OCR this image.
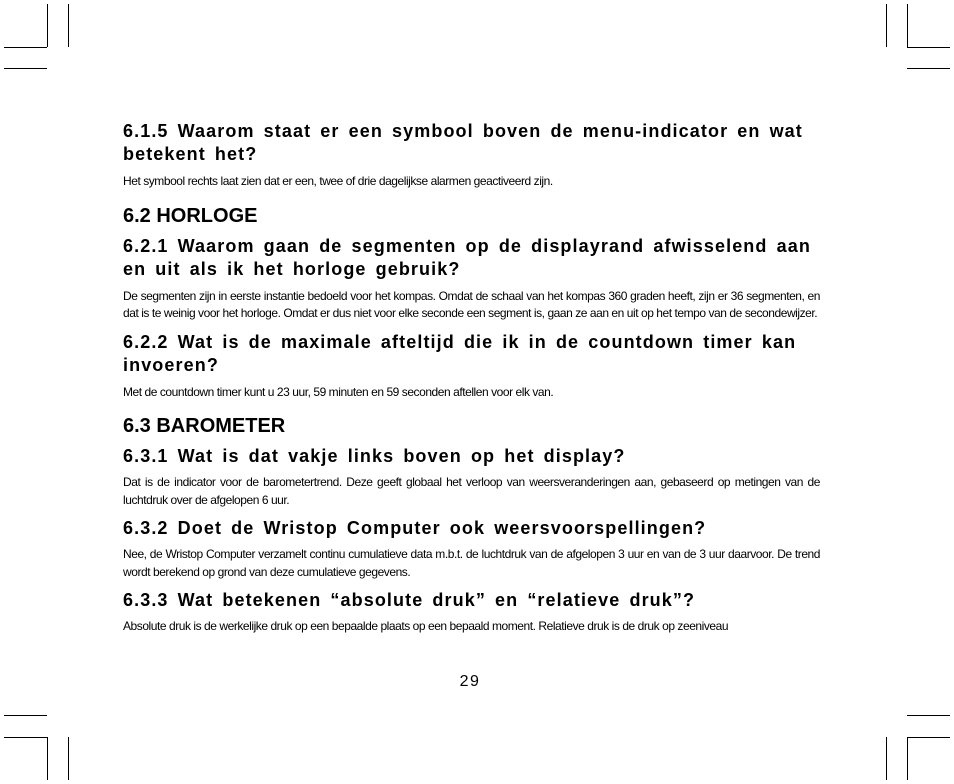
6.1.5 Waarom staat er een symbool boven de menu-indicator en wat betekent het?

Het symbool rechts laat zien dat er een, twee of drie dagelijkse alarmen geactiveerd zijn.

6.2 HORLOGE
6.2.1 Waarom gaan de segmenten op de displayrand afwisselend aan en uit als ik het horloge gebruik?

De segmenten zijn in eerste instantie bedoeld voor het kompas. Omdat de schaal van het kompas 360 graden heeft, zijn er 36 segmenten, en dat is te weinig voor het horloge. Omdat er dus niet voor elke seconde een segment is, gaan ze aan en uit op het tempo van de secondewijzer.

6.2.2 Wat is de maximale afteltijd die ik in de countdown timer kan invoeren?

Met de countdown timer kunt u 23 uur, 59 minuten en 59 seconden aftellen voor elk van.

6.3 BAROMETER
6.3.1 Wat is dat vakje links boven op het display?

Dat is de indicator voor de barometertrend. Deze geeft globaal het verloop van weersveranderingen aan, gebaseerd op metingen van de luchtdruk over de afgelopen 6 uur.

6.3.2 Doet de Wristop Computer ook weersvoorspellingen?

Nee, de Wristop Computer verzamelt continu cumulatieve data m.b.t. de luchtdruk van de afgelopen 3 uur en van de 3 uur daarvoor. De trend wordt berekend op grond van deze cumulatieve gegevens.

6.3.3 Wat betekenen “absolute druk” en “relatieve druk”?

Absolute druk is de werkelijke druk op een bepaalde plaats op een bepaald moment. Relatieve druk is de druk op zeeniveau

29
